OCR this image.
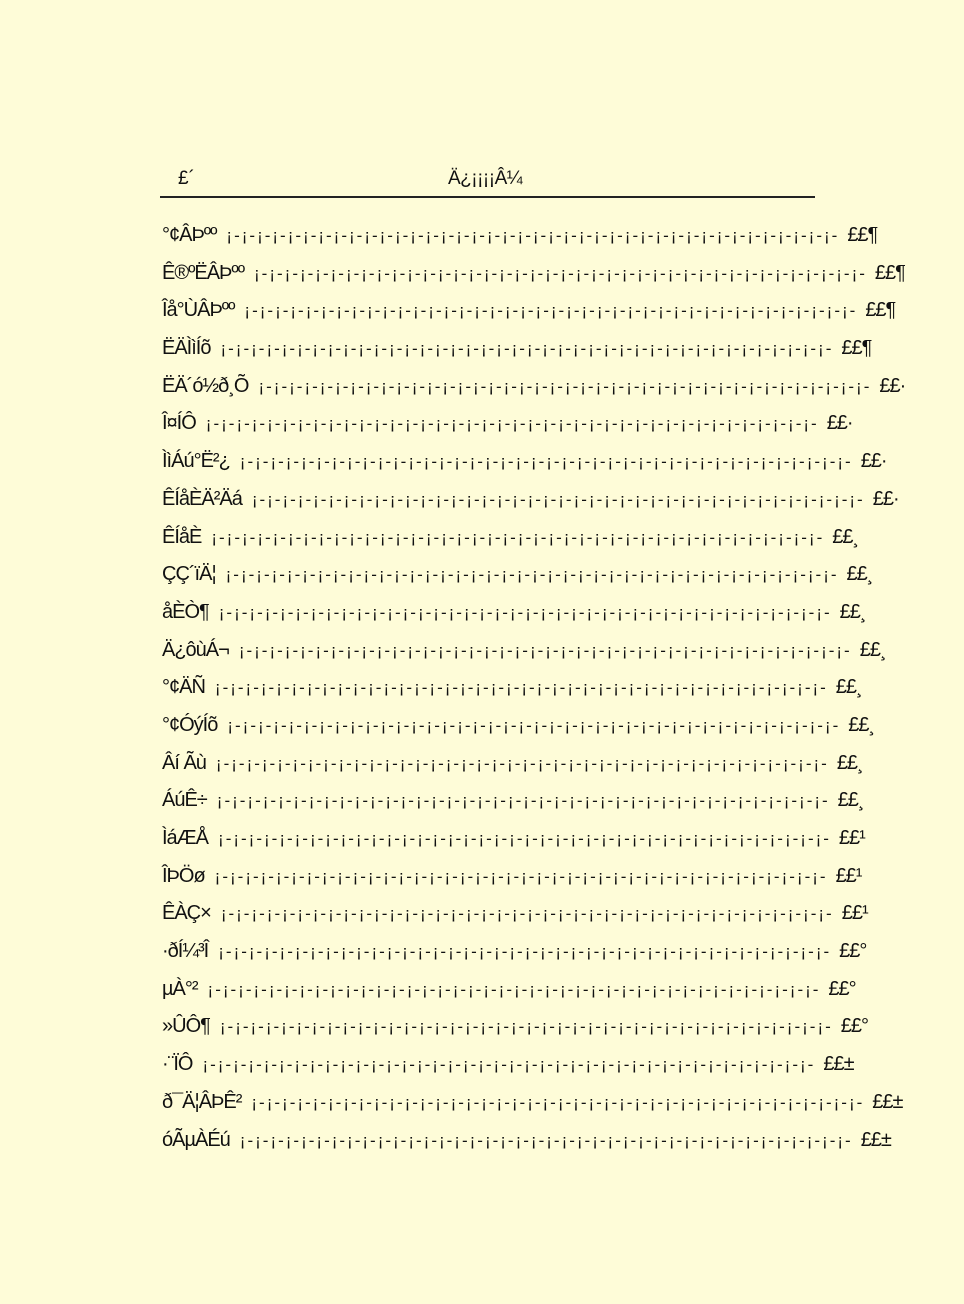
£´	Ä¿¡¡¡¡Â¼
°¢ÂÞºº ¡-¡-¡-¡-¡-¡-¡-¡-¡-¡-¡-¡-¡-¡-¡-¡-¡-¡-¡-¡-¡-¡-¡-¡-¡-¡-¡-¡-¡-¡-¡-¡-¡-¡-¡-¡-¡-¡-¡-¡- ££¶
Ê®ºËÂÞºº ¡-¡-¡-¡-¡-¡-¡-¡-¡-¡-¡-¡-¡-¡-¡-¡-¡-¡-¡-¡-¡-¡-¡-¡-¡-¡-¡-¡-¡-¡-¡-¡-¡-¡-¡-¡-¡-¡-¡-¡- ££¶
Îå°ÙÂÞºº ¡-¡-¡-¡-¡-¡-¡-¡-¡-¡-¡-¡-¡-¡-¡-¡-¡-¡-¡-¡-¡-¡-¡-¡-¡-¡-¡-¡-¡-¡-¡-¡-¡-¡-¡-¡-¡-¡-¡-¡- ££¶
ËÄÌìÍõ ¡-¡-¡-¡-¡-¡-¡-¡-¡-¡-¡-¡-¡-¡-¡-¡-¡-¡-¡-¡-¡-¡-¡-¡-¡-¡-¡-¡-¡-¡-¡-¡-¡-¡-¡-¡-¡-¡-¡-¡- ££¶
ËÄ´ó½ð¸Õ ¡-¡-¡-¡-¡-¡-¡-¡-¡-¡-¡-¡-¡-¡-¡-¡-¡-¡-¡-¡-¡-¡-¡-¡-¡-¡-¡-¡-¡-¡-¡-¡-¡-¡-¡-¡-¡-¡-¡-¡- ££·
Î¤ÍÔ ¡-¡-¡-¡-¡-¡-¡-¡-¡-¡-¡-¡-¡-¡-¡-¡-¡-¡-¡-¡-¡-¡-¡-¡-¡-¡-¡-¡-¡-¡-¡-¡-¡-¡-¡-¡-¡-¡-¡-¡- ££·
ÌìÁú°Ë²¿ ¡-¡-¡-¡-¡-¡-¡-¡-¡-¡-¡-¡-¡-¡-¡-¡-¡-¡-¡-¡-¡-¡-¡-¡-¡-¡-¡-¡-¡-¡-¡-¡-¡-¡-¡-¡-¡-¡-¡-¡- ££·
ÊÍåÈÄ²Äá ¡-¡-¡-¡-¡-¡-¡-¡-¡-¡-¡-¡-¡-¡-¡-¡-¡-¡-¡-¡-¡-¡-¡-¡-¡-¡-¡-¡-¡-¡-¡-¡-¡-¡-¡-¡-¡-¡-¡-¡- ££·
ÊÍåÈ ¡-¡-¡-¡-¡-¡-¡-¡-¡-¡-¡-¡-¡-¡-¡-¡-¡-¡-¡-¡-¡-¡-¡-¡-¡-¡-¡-¡-¡-¡-¡-¡-¡-¡-¡-¡-¡-¡-¡-¡- ££¸
ÇÇ´ïÄ¦ ¡-¡-¡-¡-¡-¡-¡-¡-¡-¡-¡-¡-¡-¡-¡-¡-¡-¡-¡-¡-¡-¡-¡-¡-¡-¡-¡-¡-¡-¡-¡-¡-¡-¡-¡-¡-¡-¡-¡-¡- ££¸
åÈÒ¶ ¡-¡-¡-¡-¡-¡-¡-¡-¡-¡-¡-¡-¡-¡-¡-¡-¡-¡-¡-¡-¡-¡-¡-¡-¡-¡-¡-¡-¡-¡-¡-¡-¡-¡-¡-¡-¡-¡-¡-¡- ££¸
Ä¿ôùÁ¬ ¡-¡-¡-¡-¡-¡-¡-¡-¡-¡-¡-¡-¡-¡-¡-¡-¡-¡-¡-¡-¡-¡-¡-¡-¡-¡-¡-¡-¡-¡-¡-¡-¡-¡-¡-¡-¡-¡-¡-¡- ££¸
°¢ÄÑ ¡-¡-¡-¡-¡-¡-¡-¡-¡-¡-¡-¡-¡-¡-¡-¡-¡-¡-¡-¡-¡-¡-¡-¡-¡-¡-¡-¡-¡-¡-¡-¡-¡-¡-¡-¡-¡-¡-¡-¡- ££¸
°¢ÓýÍõ ¡-¡-¡-¡-¡-¡-¡-¡-¡-¡-¡-¡-¡-¡-¡-¡-¡-¡-¡-¡-¡-¡-¡-¡-¡-¡-¡-¡-¡-¡-¡-¡-¡-¡-¡-¡-¡-¡-¡-¡- ££¸
Âí Ãù ¡-¡-¡-¡-¡-¡-¡-¡-¡-¡-¡-¡-¡-¡-¡-¡-¡-¡-¡-¡-¡-¡-¡-¡-¡-¡-¡-¡-¡-¡-¡-¡-¡-¡-¡-¡-¡-¡-¡-¡- ££¸
ÁúÊ÷ ¡-¡-¡-¡-¡-¡-¡-¡-¡-¡-¡-¡-¡-¡-¡-¡-¡-¡-¡-¡-¡-¡-¡-¡-¡-¡-¡-¡-¡-¡-¡-¡-¡-¡-¡-¡-¡-¡-¡-¡- ££¸
ÌáÆÅ ¡-¡-¡-¡-¡-¡-¡-¡-¡-¡-¡-¡-¡-¡-¡-¡-¡-¡-¡-¡-¡-¡-¡-¡-¡-¡-¡-¡-¡-¡-¡-¡-¡-¡-¡-¡-¡-¡-¡-¡- ££¹
ÎÞÖø ¡-¡-¡-¡-¡-¡-¡-¡-¡-¡-¡-¡-¡-¡-¡-¡-¡-¡-¡-¡-¡-¡-¡-¡-¡-¡-¡-¡-¡-¡-¡-¡-¡-¡-¡-¡-¡-¡-¡-¡- ££¹
ÊÀÇ× ¡-¡-¡-¡-¡-¡-¡-¡-¡-¡-¡-¡-¡-¡-¡-¡-¡-¡-¡-¡-¡-¡-¡-¡-¡-¡-¡-¡-¡-¡-¡-¡-¡-¡-¡-¡-¡-¡-¡-¡- ££¹
·ðÍ¼³Î ¡-¡-¡-¡-¡-¡-¡-¡-¡-¡-¡-¡-¡-¡-¡-¡-¡-¡-¡-¡-¡-¡-¡-¡-¡-¡-¡-¡-¡-¡-¡-¡-¡-¡-¡-¡-¡-¡-¡-¡- ££°
µÀ°² ¡-¡-¡-¡-¡-¡-¡-¡-¡-¡-¡-¡-¡-¡-¡-¡-¡-¡-¡-¡-¡-¡-¡-¡-¡-¡-¡-¡-¡-¡-¡-¡-¡-¡-¡-¡-¡-¡-¡-¡- ££°
»ÛÔ¶ ¡-¡-¡-¡-¡-¡-¡-¡-¡-¡-¡-¡-¡-¡-¡-¡-¡-¡-¡-¡-¡-¡-¡-¡-¡-¡-¡-¡-¡-¡-¡-¡-¡-¡-¡-¡-¡-¡-¡-¡- ££°
·¨ÏÔ ¡-¡-¡-¡-¡-¡-¡-¡-¡-¡-¡-¡-¡-¡-¡-¡-¡-¡-¡-¡-¡-¡-¡-¡-¡-¡-¡-¡-¡-¡-¡-¡-¡-¡-¡-¡-¡-¡-¡-¡- ££±
ð¯Ä¦ÂÞÊ² ¡-¡-¡-¡-¡-¡-¡-¡-¡-¡-¡-¡-¡-¡-¡-¡-¡-¡-¡-¡-¡-¡-¡-¡-¡-¡-¡-¡-¡-¡-¡-¡-¡-¡-¡-¡-¡-¡-¡-¡- ££±
óÃµÀÉú ¡-¡-¡-¡-¡-¡-¡-¡-¡-¡-¡-¡-¡-¡-¡-¡-¡-¡-¡-¡-¡-¡-¡-¡-¡-¡-¡-¡-¡-¡-¡-¡-¡-¡-¡-¡-¡-¡-¡-¡- ££±
